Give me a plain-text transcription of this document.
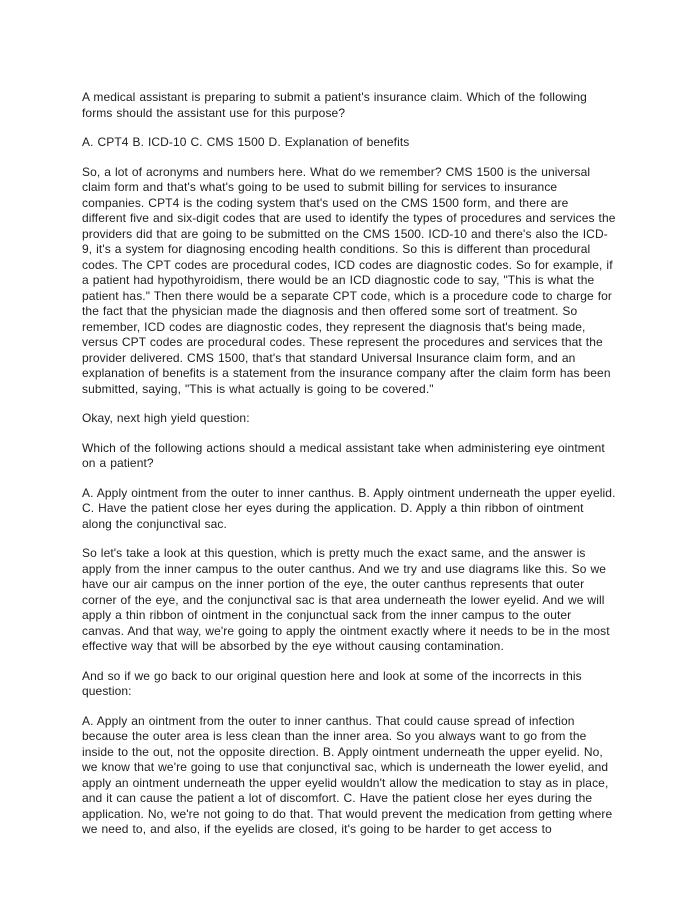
A medical assistant is preparing to submit a patient's insurance claim. Which of the following forms should the assistant use for this purpose?

A. CPT4 B. ICD-10 C. CMS 1500 D. Explanation of benefits

So, a lot of acronyms and numbers here. What do we remember? CMS 1500 is the universal claim form and that's what's going to be used to submit billing for services to insurance companies. CPT4 is the coding system that's used on the CMS 1500 form, and there are different five and six-digit codes that are used to identify the types of procedures and services the providers did that are going to be submitted on the CMS 1500. ICD-10 and there's also the ICD-9, it's a system for diagnosing encoding health conditions. So this is different than procedural codes. The CPT codes are procedural codes, ICD codes are diagnostic codes. So for example, if a patient had hypothyroidism, there would be an ICD diagnostic code to say, "This is what the patient has." Then there would be a separate CPT code, which is a procedure code to charge for the fact that the physician made the diagnosis and then offered some sort of treatment. So remember, ICD codes are diagnostic codes, they represent the diagnosis that's being made, versus CPT codes are procedural codes. These represent the procedures and services that the provider delivered. CMS 1500, that's that standard Universal Insurance claim form, and an explanation of benefits is a statement from the insurance company after the claim form has been submitted, saying, "This is what actually is going to be covered."

Okay, next high yield question:

Which of the following actions should a medical assistant take when administering eye ointment on a patient?

A. Apply ointment from the outer to inner canthus. B. Apply ointment underneath the upper eyelid. C. Have the patient close her eyes during the application. D. Apply a thin ribbon of ointment along the conjunctival sac.

So let's take a look at this question, which is pretty much the exact same, and the answer is apply from the inner campus to the outer canthus. And we try and use diagrams like this. So we have our air campus on the inner portion of the eye, the outer canthus represents that outer corner of the eye, and the conjunctival sac is that area underneath the lower eyelid. And we will apply a thin ribbon of ointment in the conjunctual sack from the inner campus to the outer canvas. And that way, we're going to apply the ointment exactly where it needs to be in the most effective way that will be absorbed by the eye without causing contamination.

And so if we go back to our original question here and look at some of the incorrects in this question:

A. Apply an ointment from the outer to inner canthus. That could cause spread of infection because the outer area is less clean than the inner area. So you always want to go from the inside to the out, not the opposite direction. B. Apply ointment underneath the upper eyelid. No, we know that we're going to use that conjunctival sac, which is underneath the lower eyelid, and apply an ointment underneath the upper eyelid wouldn't allow the medication to stay as in place, and it can cause the patient a lot of discomfort. C. Have the patient close her eyes during the application. No, we're not going to do that. That would prevent the medication from getting where we need to, and also, if the eyelids are closed, it's going to be harder to get access to
